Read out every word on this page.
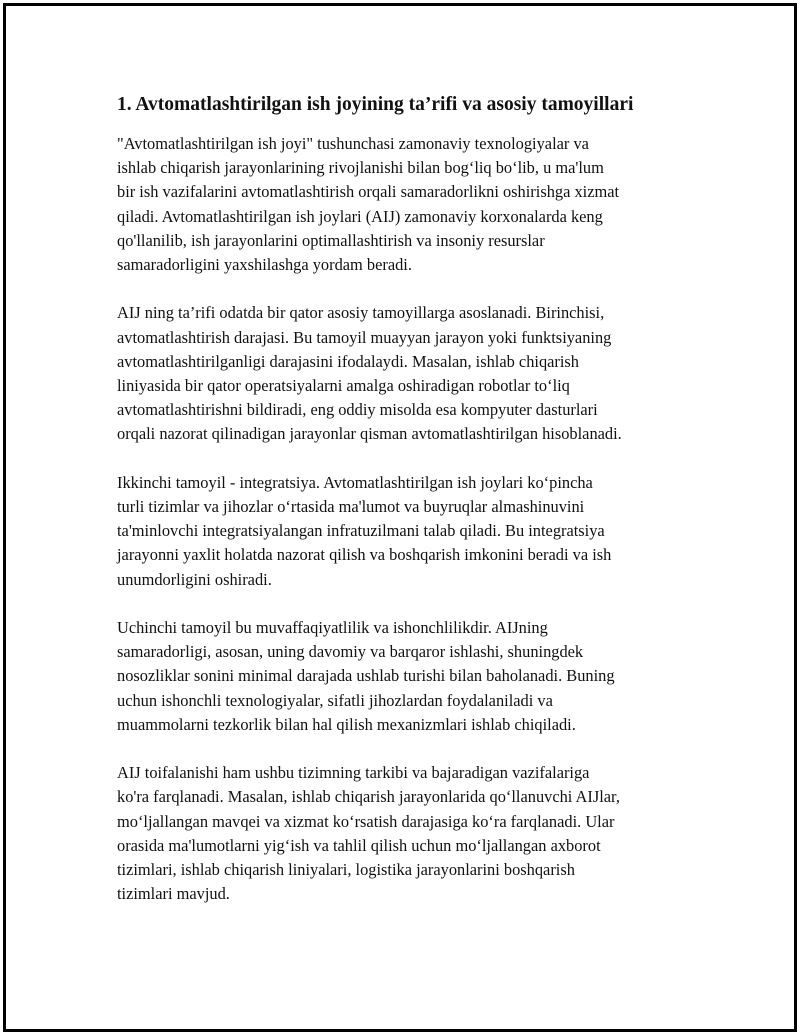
1. Avtomatlashtirilgan ish joyining ta’rifi va asosiy tamoyillari

"Avtomatlashtirilgan ish joyi" tushunchasi zamonaviy texnologiyalar va
ishlab chiqarish jarayonlarining rivojlanishi bilan bogʻliq boʻlib, u ma'lum
bir ish vazifalarini avtomatlashtirish orqali samaradorlikni oshirishga xizmat
qiladi. Avtomatlashtirilgan ish joylari (AIJ) zamonaviy korxonalarda keng
qo'llanilib, ish jarayonlarini optimallashtirish va insoniy resurslar
samaradorligini yaxshilashga yordam beradi.

AIJ ning ta’rifi odatda bir qator asosiy tamoyillarga asoslanadi. Birinchisi,
avtomatlashtirish darajasi. Bu tamoyil muayyan jarayon yoki funktsiyaning
avtomatlashtirilganligi darajasini ifodalaydi. Masalan, ishlab chiqarish
liniyasida bir qator operatsiyalarni amalga oshiradigan robotlar toʻliq
avtomatlashtirishni bildiradi, eng oddiy misolda esa kompyuter dasturlari
orqali nazorat qilinadigan jarayonlar qisman avtomatlashtirilgan hisoblanadi.

Ikkinchi tamoyil - integratsiya. Avtomatlashtirilgan ish joylari koʻpincha
turli tizimlar va jihozlar oʻrtasida ma'lumot va buyruqlar almashinuvini
ta'minlovchi integratsiyalangan infratuzilmani talab qiladi. Bu integratsiya
jarayonni yaxlit holatda nazorat qilish va boshqarish imkonini beradi va ish
unumdorligini oshiradi.

Uchinchi tamoyil bu muvaffaqiyatlilik va ishonchlilikdir. AIJning
samaradorligi, asosan, uning davomiy va barqaror ishlashi, shuningdek
nosozliklar sonini minimal darajada ushlab turishi bilan baholanadi. Buning
uchun ishonchli texnologiyalar, sifatli jihozlardan foydalaniladi va
muammolarni tezkorlik bilan hal qilish mexanizmlari ishlab chiqiladi.

AIJ toifalanishi ham ushbu tizimning tarkibi va bajaradigan vazifalariga
ko'ra farqlanadi. Masalan, ishlab chiqarish jarayonlarida qoʻllanuvchi AIJlar,
moʻljallangan mavqei va xizmat koʻrsatish darajasiga koʻra farqlanadi. Ular
orasida ma'lumotlarni yigʻish va tahlil qilish uchun moʻljallangan axborot
tizimlari, ishlab chiqarish liniyalari, logistika jarayonlarini boshqarish
tizimlari mavjud.
